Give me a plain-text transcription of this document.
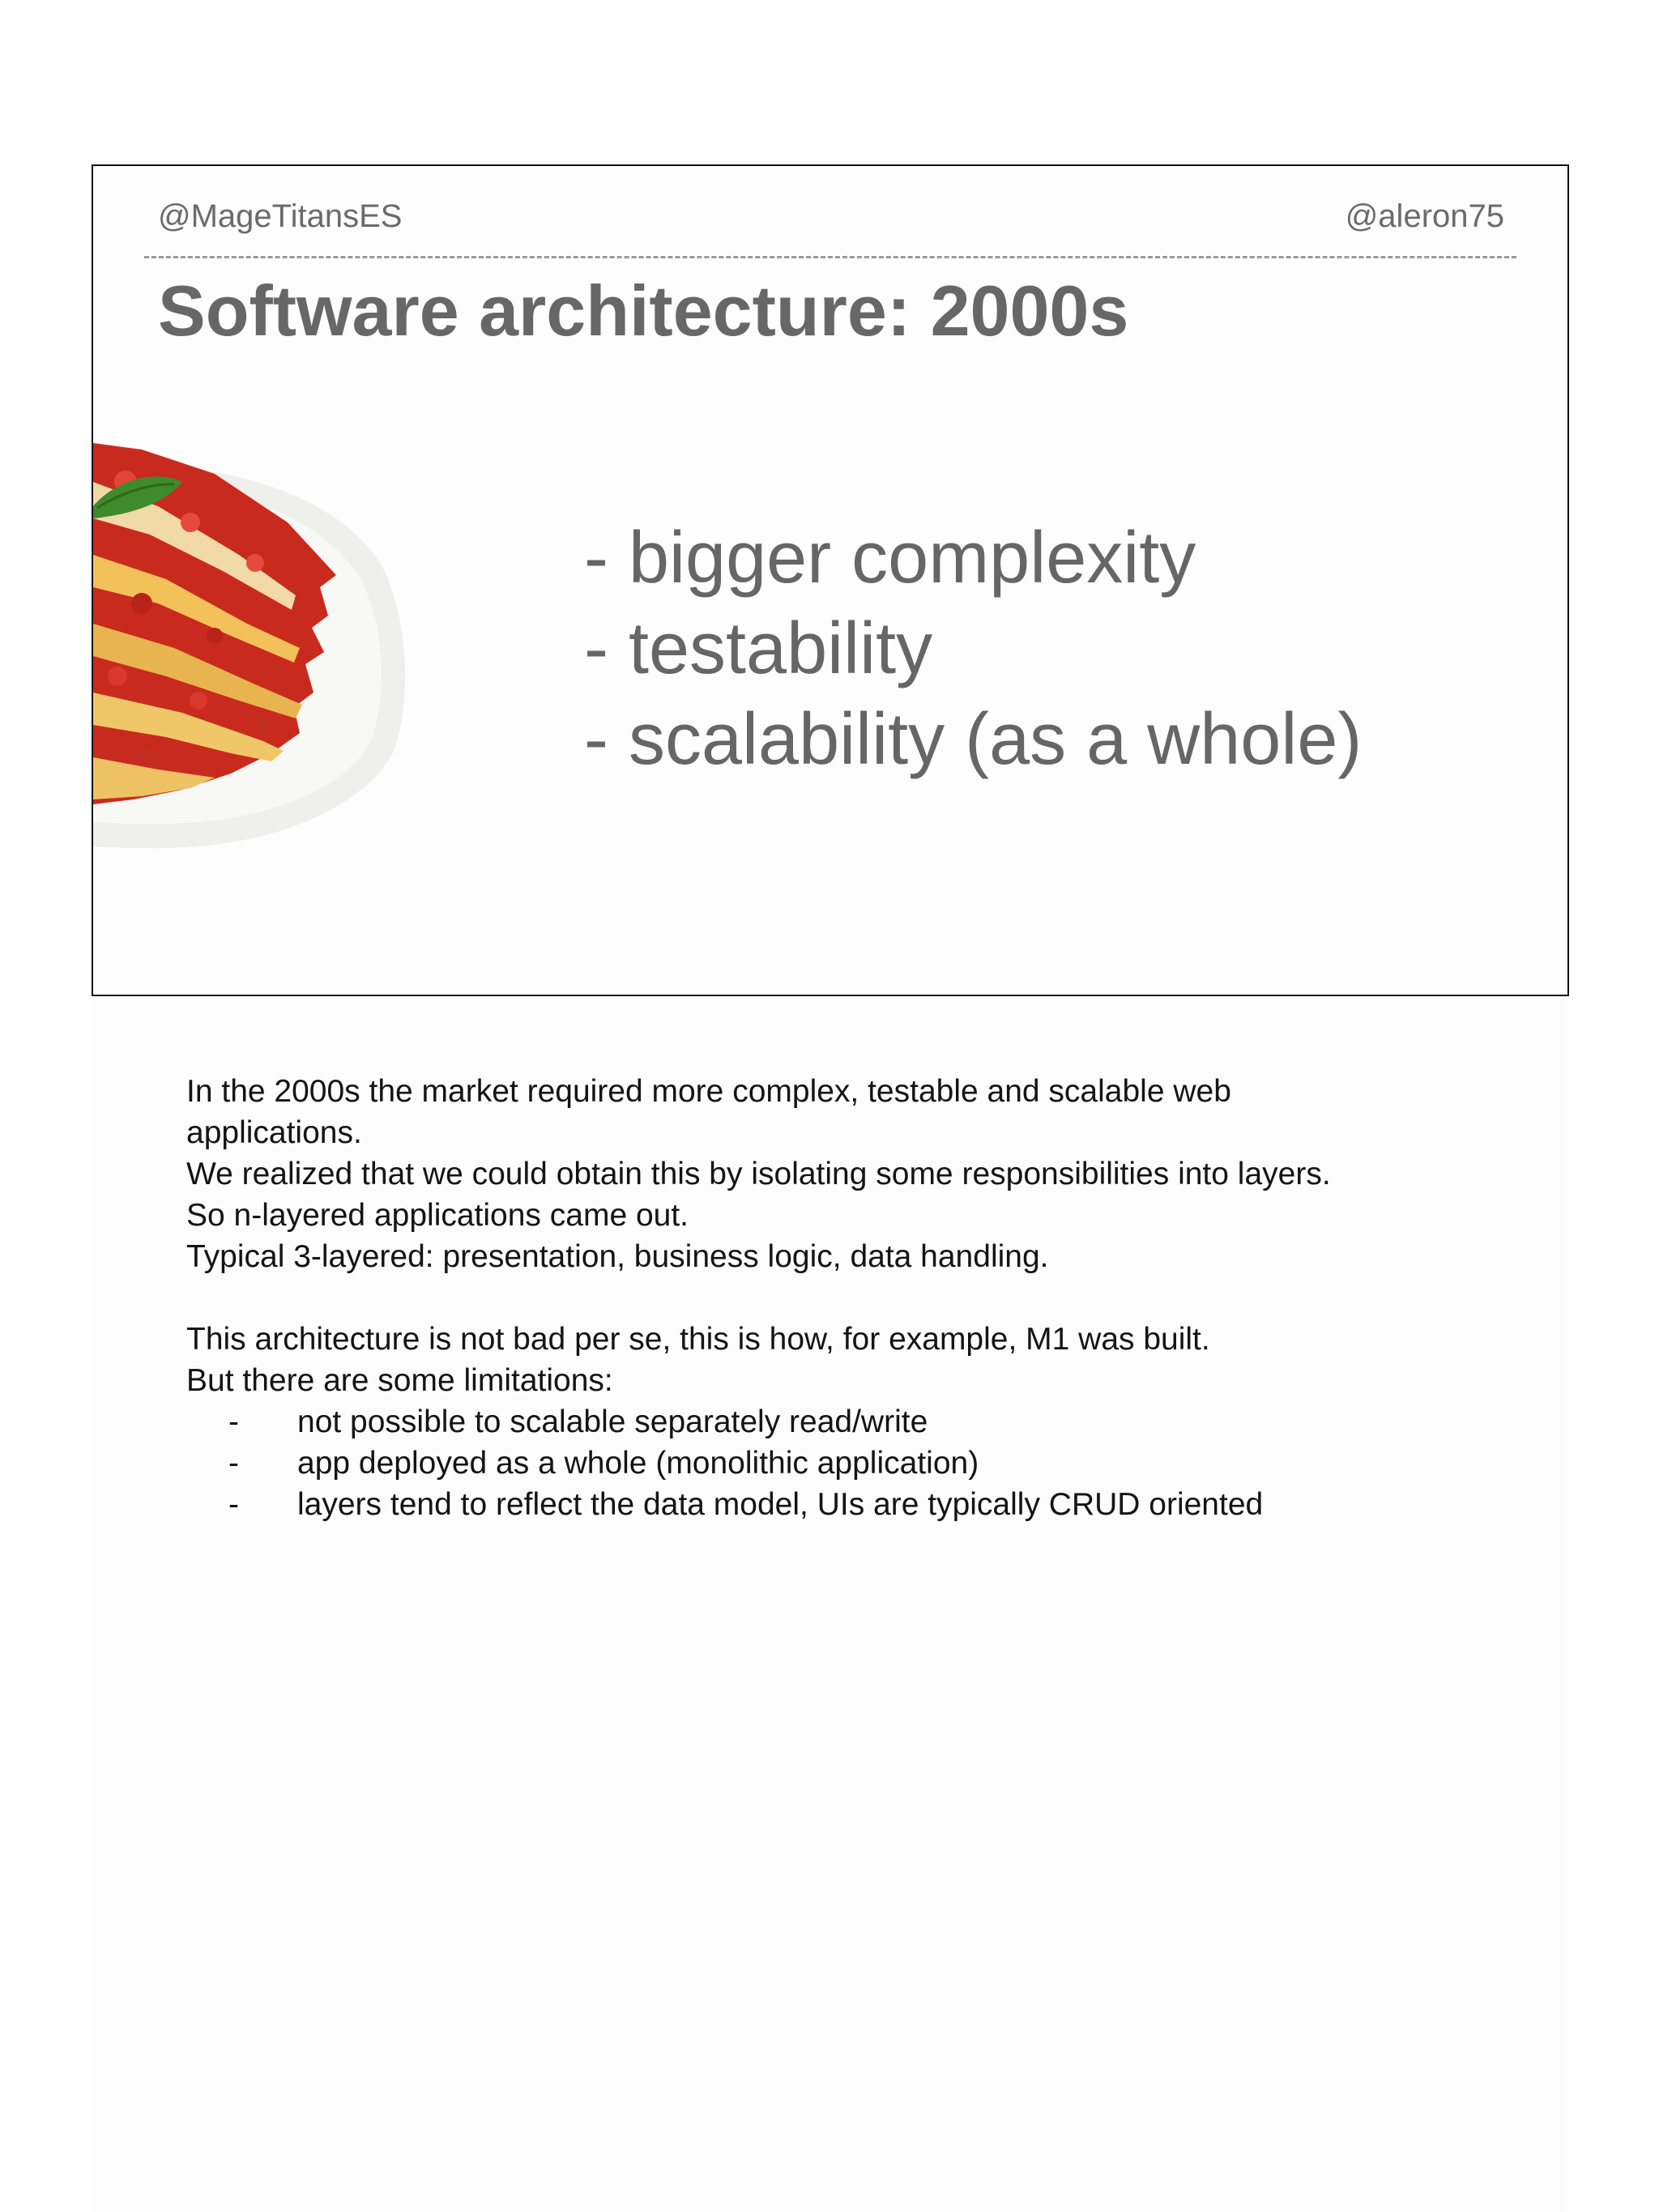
@MageTitansES	@aleron75
Software architecture: 2000s
- bigger complexity
- testability
- scalability (as a whole)

In the 2000s the market required more complex, testable and scalable web

applications.

We realized that we could obtain this by isolating some responsibilities into layers.

So n-layered applications came out.

Typical 3-layered: presentation, business logic, data handling.

This architecture is not bad per se, this is how, for example, M1 was built.

But there are some limitations:

-	not possible to scalable separately read/write
-	app deployed as a whole (monolithic application)
-	layers tend to reflect the data model, UIs are typically CRUD oriented
